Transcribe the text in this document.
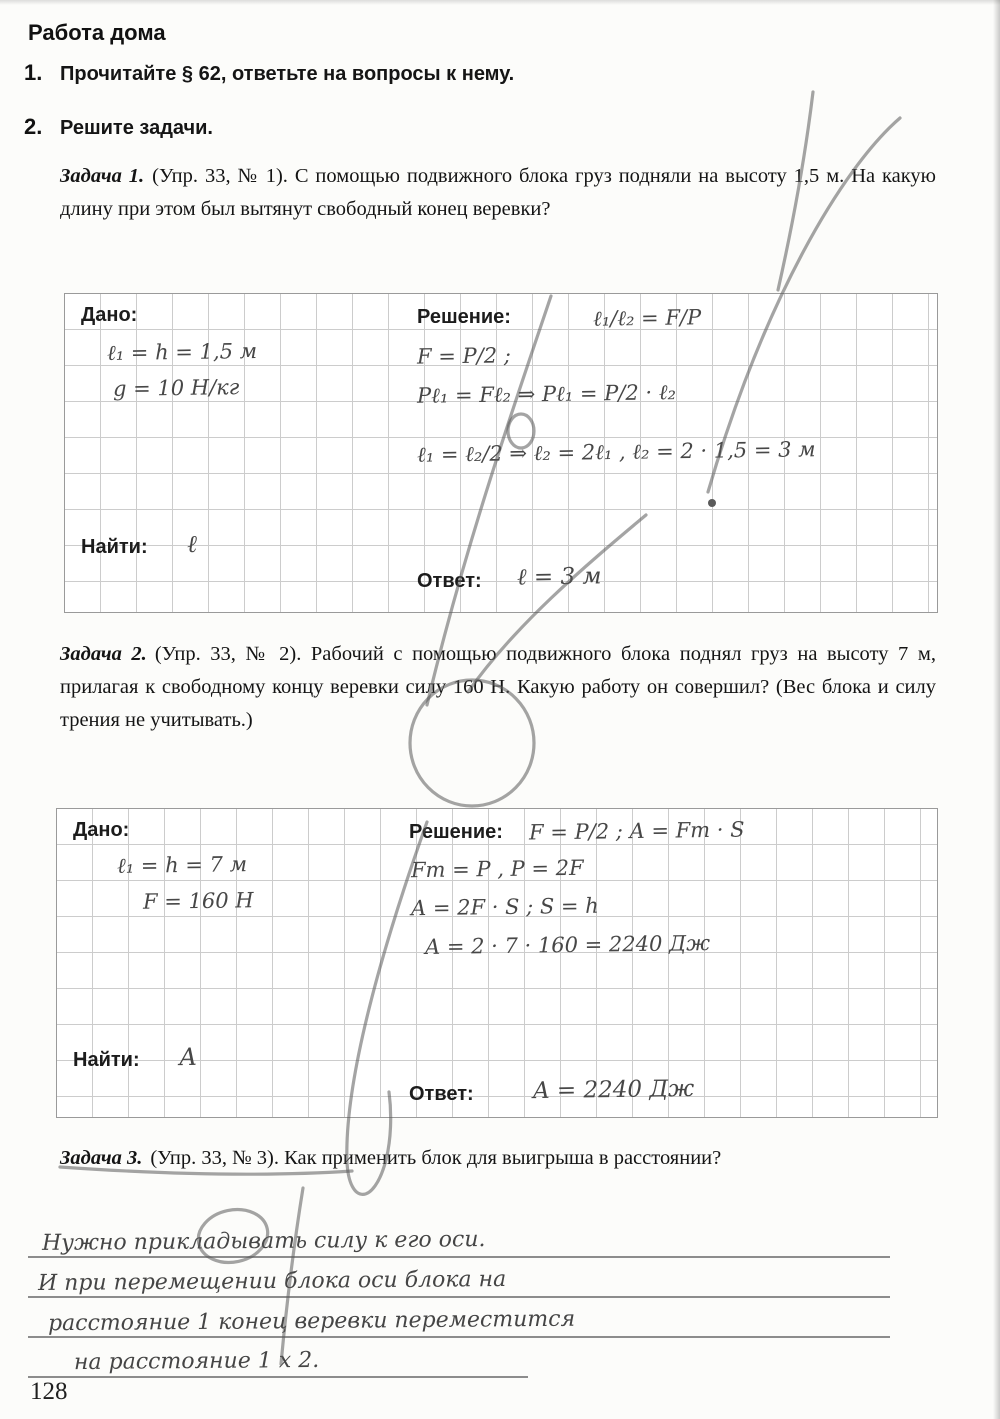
Работа дома
1. Прочитайте § 62, ответьте на вопросы к нему.
2. Решите задачи.

Задача 1. (Упр. 33, № 1). С помощью подвижного блока груз подняли на высоту 1,5 м. На какую длину при этом был вытянут свободный конец веревки?

Дано:
ℓ₁ = h = 1,5 м
g = 10 Н/кг
Решение:	ℓ₁/ℓ₂ = F/P
F = P/2 ;
Pℓ₁ = Fℓ₂ ⇒ Pℓ₁ = P/2 · ℓ₂
ℓ₁ = ℓ₂/2 ⇒ ℓ₂ = 2ℓ₁ , ℓ₂ = 2 · 1,5 = 3 м
Найти: ℓ
Ответ: ℓ = 3 м

Задача 2. (Упр. 33, № 2). Рабочий с помощью подвижного блока поднял груз на высоту 7 м, прилагая к свободному концу веревки силу 160 Н. Какую работу он совершил? (Вес блока и силу трения не учитывать.)

Дано:
ℓ₁ = h = 7 м
F = 160 Н
Решение: F = P/2 ; A = Fт · S
Fт = P , P = 2F
A = 2F · S ; S = h
A = 2 · 7 · 160 = 2240 Дж
Найти: А
Ответ:	A = 2240 Дж

Задача 3. (Упр. 33, № 3). Как применить блок для выигрыша в расстоянии?

Нужно прикладывать силу к его оси.
И при перемещении блока оси блока на
расстояние 1 конец веревки переместится
на расстояние 1 х 2.
128
